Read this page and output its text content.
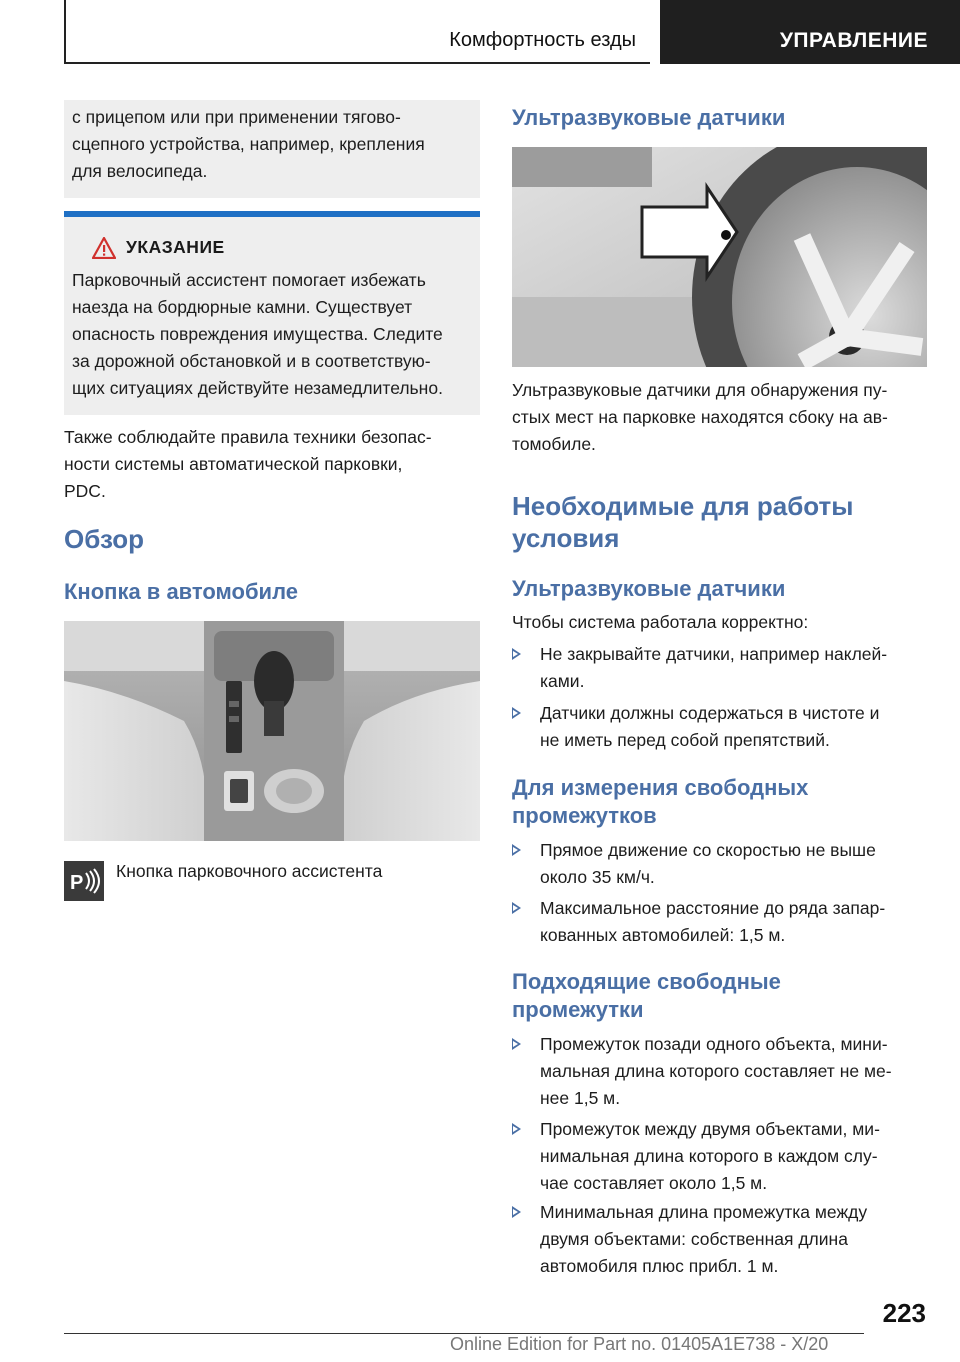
Комфортность езды	УПРАВЛЕНИЕ
с прицепом или при применении тягово-
сцепного устройства, например, крепления
для велосипеда.
УКАЗАНИЕ
Парковочный ассистент помогает избежать
наезда на бордюрные камни. Существует
опасность повреждения имущества. Следите
за дорожной обстановкой и в соответствую-
щих ситуациях действуйте незамедлительно.
Также соблюдайте правила техники безопас-
ности системы автоматической парковки,
PDC.
Обзор
Кнопка в автомобиле
P
Кнопка парковочного ассистента
Ультразвуковые датчики
Ультразвуковые датчики для обнаружения пу-
стых мест на парковке находятся сбоку на ав-
томобиле.
Необходимые для работы
условия
Ультразвуковые датчики
Чтобы система работала корректно:
Не закрывайте датчики, например наклей-
ками.
Датчики должны содержаться в чистоте и
не иметь перед собой препятствий.
Для измерения свободных
промежутков
Прямое движение со скоростью не выше
около 35 км/ч.
Максимальное расстояние до ряда запар-
кованных автомобилей: 1,5 м.
Подходящие свободные
промежутки
Промежуток позади одного объекта, мини-
мальная длина которого составляет не ме-
нее 1,5 м.
Промежуток между двумя объектами, ми-
нимальная длина которого в каждом слу-
чае составляет около 1,5 м.
Минимальная длина промежутка между
двумя объектами: собственная длина
автомобиля плюс прибл. 1 м.
223
Online Edition for Part no. 01405A1E738 - X/20
